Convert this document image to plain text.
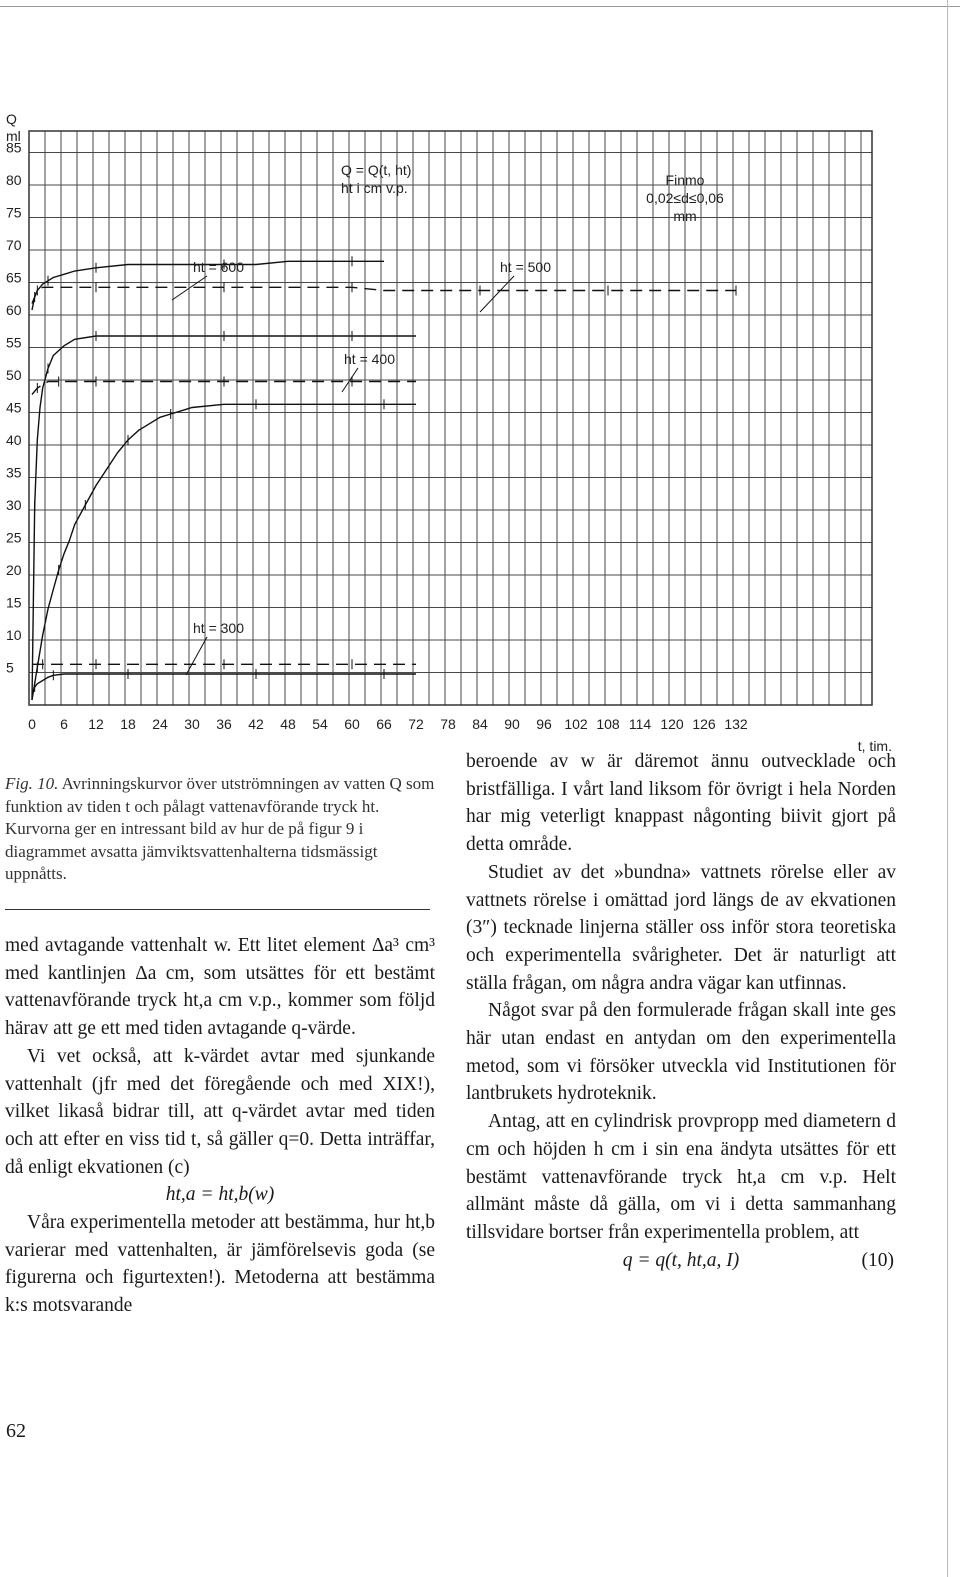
0 6 12 18 24 30 36 42 48 54 60 66 72 78 84 90 96 102 108 114 120 126 132
5
10
15
20
25
30
35
40
45
50
55
60
65
70
75
80
85
Q
ml
t, tim.
Q = Q(t, ht)
ht i cm v.p.	Finmo
0,02≤d≤0,06
mm
ht = 600	ht = 500
ht = 400
ht = 300

Fig. 10. Avrinningskurvor över utströmningen av vatten Q som funktion av tiden t och pålagt vattenavförande tryck ht. Kurvorna ger en intressant bild av hur de på figur 9 i diagrammet avsatta jämviktsvattenhalterna tidsmässigt uppnåtts.

med avtagande vattenhalt w. Ett litet element Δa³ cm³ med kantlinjen Δa cm, som utsättes för ett bestämt vattenavförande tryck ht,a cm v.p., kommer som följd härav att ge ett med tiden avtagande q-värde.

Vi vet också, att k-värdet avtar med sjunkande vattenhalt (jfr med det föregående och med XIX!), vilket likaså bidrar till, att q-värdet avtar med tiden och att efter en viss tid t, så gäller q=0. Detta inträffar, då enligt ekvationen (c)

ht,a = ht,b(w)

Våra experimentella metoder att bestämma, hur ht,b varierar med vattenhalten, är jämförelsevis goda (se figurerna och figurtexten!). Metoderna att bestämma k:s motsvarande

beroende av w är däremot ännu outvecklade och bristfälliga. I vårt land liksom för övrigt i hela Norden har mig veterligt knappast någonting biivit gjort på detta område.

Studiet av det »bundna» vattnets rörelse eller av vattnets rörelse i omättad jord längs de av ekvationen (3″) tecknade linjerna ställer oss inför stora teoretiska och experimentella svårigheter. Det är naturligt att ställa frågan, om några andra vägar kan utfinnas.

Något svar på den formulerade frågan skall inte ges här utan endast en antydan om den experimentella metod, som vi försöker utveckla vid Institutionen för lantbrukets hydroteknik.

Antag, att en cylindrisk provpropp med diametern d cm och höjden h cm i sin ena ändyta utsättes för ett bestämt vattenavförande tryck ht,a cm v.p. Helt allmänt måste då gälla, om vi i detta sammanhang tillsvidare bortser från experimentella problem, att

q = q(t, ht,a, I)	(10)

62
